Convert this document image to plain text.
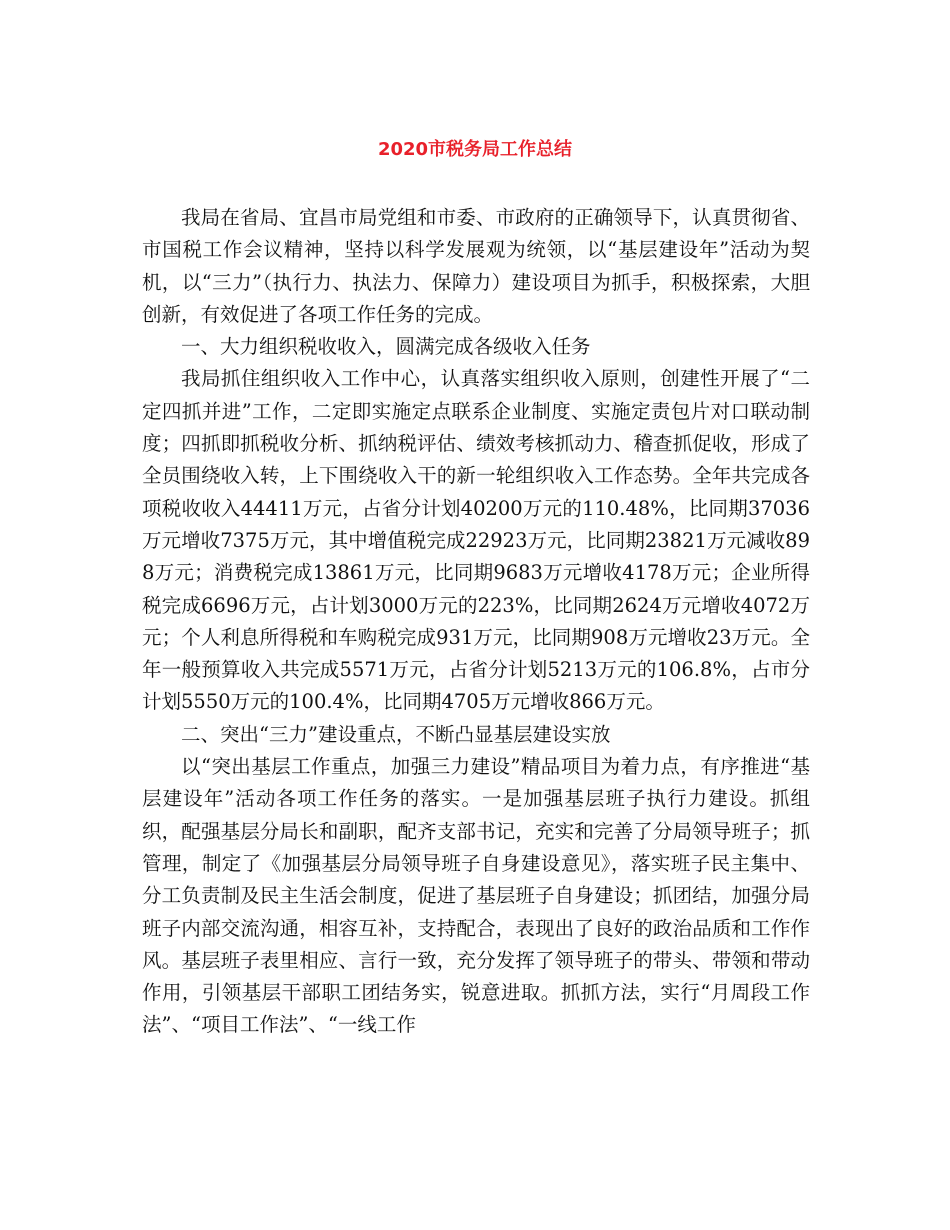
2020市税务局工作总结

我局在省局、宜昌市局党组和市委、市政府的正确领导下，认真贯彻省、市国税工作会议精神，坚持以科学发展观为统领，以“基层建设年”活动为契机，以“三力”（执行力、执法力、保障力）建设项目为抓手，积极探索，大胆创新，有效促进了各项工作任务的完成。

一、大力组织税收收入，圆满完成各级收入任务

我局抓住组织收入工作中心，认真落实组织收入原则，创建性开展了“二定四抓并进”工作，二定即实施定点联系企业制度、实施定责包片对口联动制度；四抓即抓税收分析、抓纳税评估、绩效考核抓动力、稽查抓促收，形成了全员围绕收入转，上下围绕收入干的新一轮组织收入工作态势。全年共完成各项税收收入44411万元，占省分计划40200万元的110.48%，比同期37036万元增收7375万元，其中增值税完成22923万元，比同期23821万元减收898万元；消费税完成13861万元，比同期9683万元增收4178万元；企业所得税完成6696万元，占计划3000万元的223%，比同期2624万元增收4072万元；个人利息所得税和车购税完成931万元，比同期908万元增收23万元。全年一般预算收入共完成5571万元，占省分计划5213万元的106.8%，占市分计划5550万元的100.4%，比同期4705万元增收866万元。

二、突出“三力”建设重点，不断凸显基层建设实放

以“突出基层工作重点，加强三力建设”精品项目为着力点，有序推进“基层建设年”活动各项工作任务的落实。一是加强基层班子执行力建设。抓组织，配强基层分局长和副职，配齐支部书记，充实和完善了分局领导班子；抓管理，制定了《加强基层分局领导班子自身建设意见》，落实班子民主集中、分工负责制及民主生活会制度，促进了基层班子自身建设；抓团结，加强分局班子内部交流沟通，相容互补，支持配合，表现出了良好的政治品质和工作作风。基层班子表里相应、言行一致，充分发挥了领导班子的带头、带领和带动作用，引领基层干部职工团结务实，锐意进取。抓抓方法，实行“月周段工作法”、“项目工作法”、“一线工作
